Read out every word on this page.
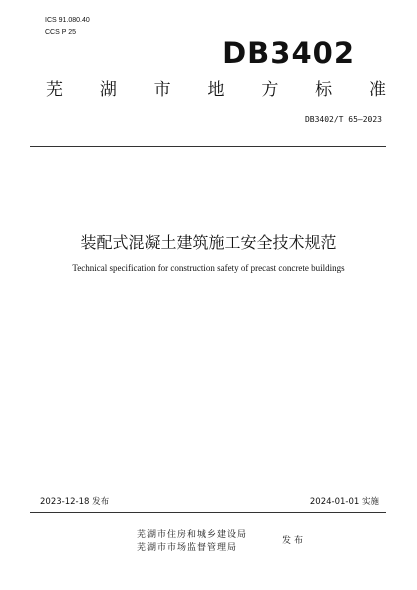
ICS 91.080.40
CCS P 25
DB3402
芜 湖 市 地 方 标 准
DB3402/T 65—2023
装配式混凝土建筑施工安全技术规范
Technical specification for construction safety of precast concrete buildings
2023-12-18 发布	2024-01-01 实施
芜湖市住房和城乡建设局
芜湖市市场监督管理局
发布
